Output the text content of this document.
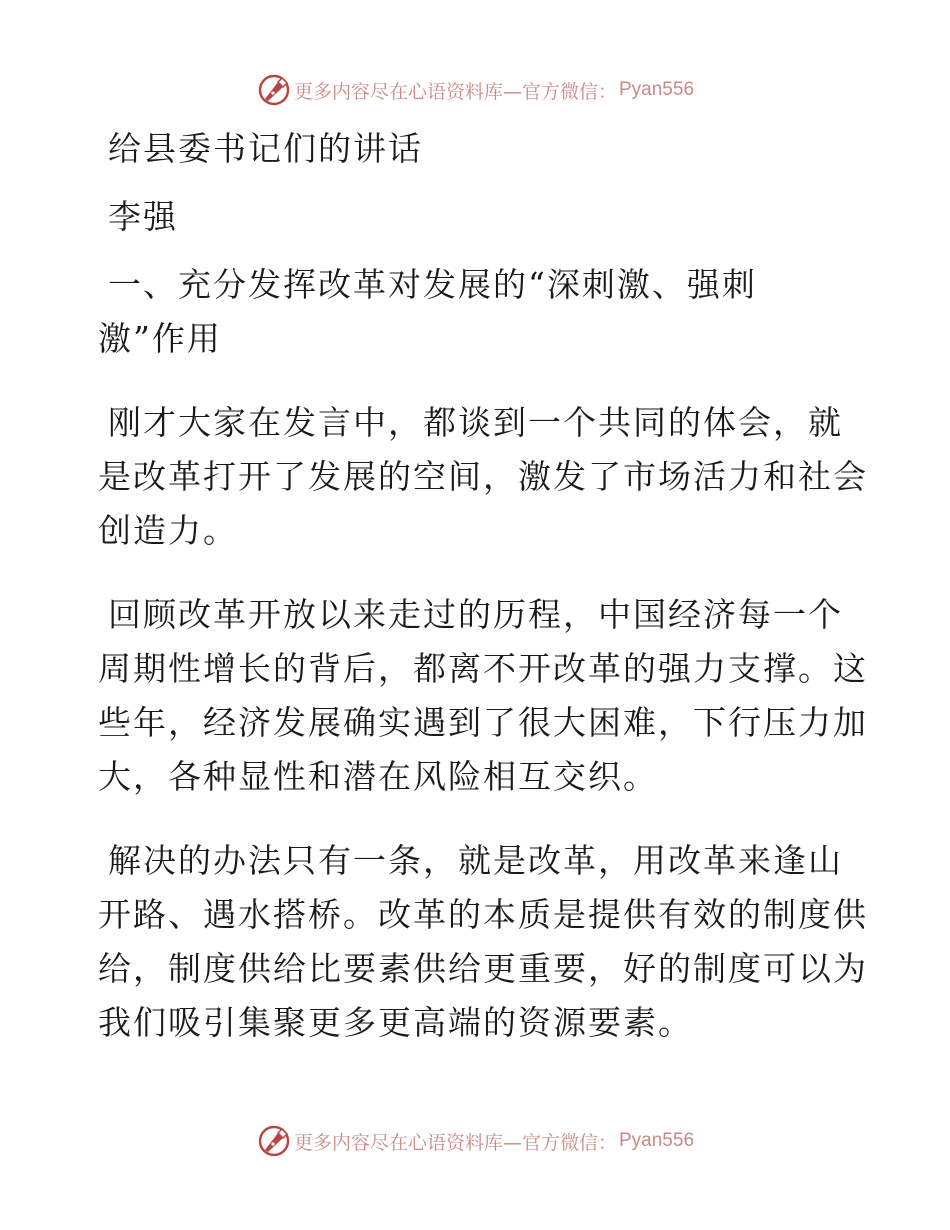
更多内容尽在心语资料库—官方微信： Pyan556

给县委书记们的讲话

李强

一、充分发挥改革对发展的“深刺激、强刺

激”作用

刚才大家在发言中，都谈到一个共同的体会，就

是改革打开了发展的空间，激发了市场活力和社会

创造力。

回顾改革开放以来走过的历程，中国经济每一个

周期性增长的背后，都离不开改革的强力支撑。这

些年，经济发展确实遇到了很大困难，下行压力加

大，各种显性和潜在风险相互交织。

解决的办法只有一条，就是改革，用改革来逢山

开路、遇水搭桥。改革的本质是提供有效的制度供

给，制度供给比要素供给更重要，好的制度可以为

我们吸引集聚更多更高端的资源要素。

更多内容尽在心语资料库—官方微信： Pyan556
